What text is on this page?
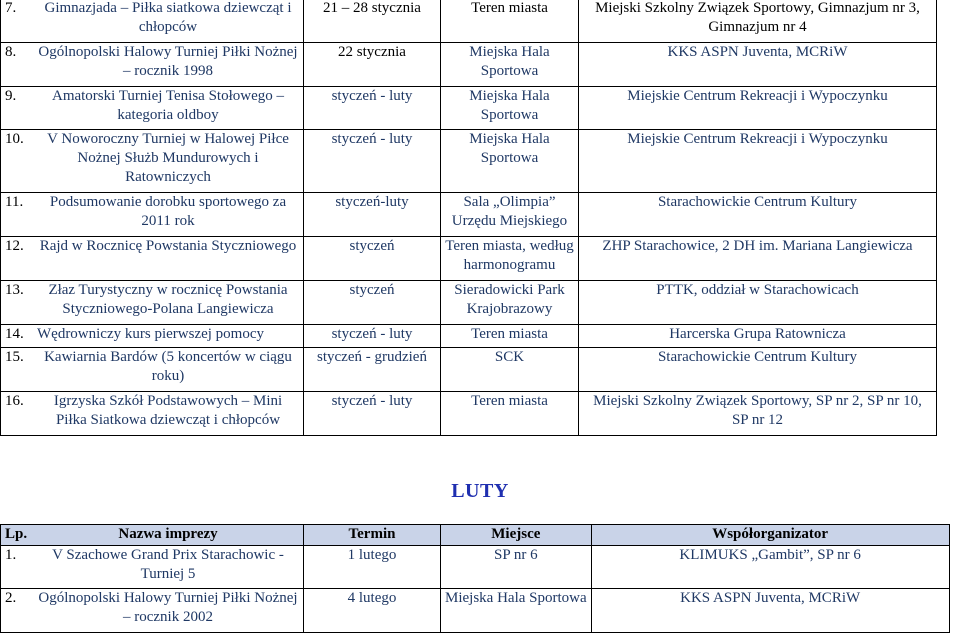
7. Gimnazjada – Piłka siatkowa dziewcząt i chłopców	21 – 28 stycznia	Teren miasta	Miejski Szkolny Związek Sportowy, Gimnazjum nr 3, Gimnazjum nr 4

8. Ogólnopolski Halowy Turniej Piłki Nożnej – rocznik 1998	22 stycznia	Miejska Hala Sportowa	KKS ASPN Juventa, MCRiW

9. Amatorski Turniej Tenisa Stołowego – kategoria oldboy	styczeń - luty	Miejska Hala Sportowa	Miejskie Centrum Rekreacji i Wypoczynku

10. V Noworoczny Turniej w Halowej Piłce Nożnej Służb Mundurowych i Ratowniczych	styczeń - luty	Miejska Hala Sportowa	Miejskie Centrum Rekreacji i Wypoczynku

11. Podsumowanie dorobku sportowego za 2011 rok	styczeń-luty	Sala „Olimpia” Urzędu Miejskiego	Starachowickie Centrum Kultury

12. Rajd w Rocznicę Powstania Styczniowego	styczeń	Teren miasta, według harmonogramu	ZHP Starachowice, 2 DH im. Mariana Langiewicza

13. Złaz Turystyczny w rocznicę Powstania Styczniowego-Polana Langiewicza	styczeń	Sieradowicki Park Krajobrazowy	PTTK, oddział w Starachowicach

14. Wędrowniczy kurs pierwszej pomocy	styczeń - luty	Teren miasta	Harcerska Grupa Ratownicza

15. Kawiarnia Bardów (5 koncertów w ciągu roku)	styczeń - grudzień	SCK	Starachowickie Centrum Kultury

16. Igrzyska Szkół Podstawowych – Mini Piłka Siatkowa dziewcząt i chłopców	styczeń - luty	Teren miasta	Miejski Szkolny Związek Sportowy, SP nr 2, SP nr 10, SP nr 12
LUTY
Lp. Nazwa imprezy	Termin	Miejsce	Współorganizator

1. V Szachowe Grand Prix Starachowic - Turniej 5	1 lutego	SP nr 6	KLIMUKS „Gambit”, SP nr 6

2. Ogólnopolski Halowy Turniej Piłki Nożnej – rocznik 2002	4 lutego	Miejska Hala Sportowa	KKS ASPN Juventa, MCRiW
